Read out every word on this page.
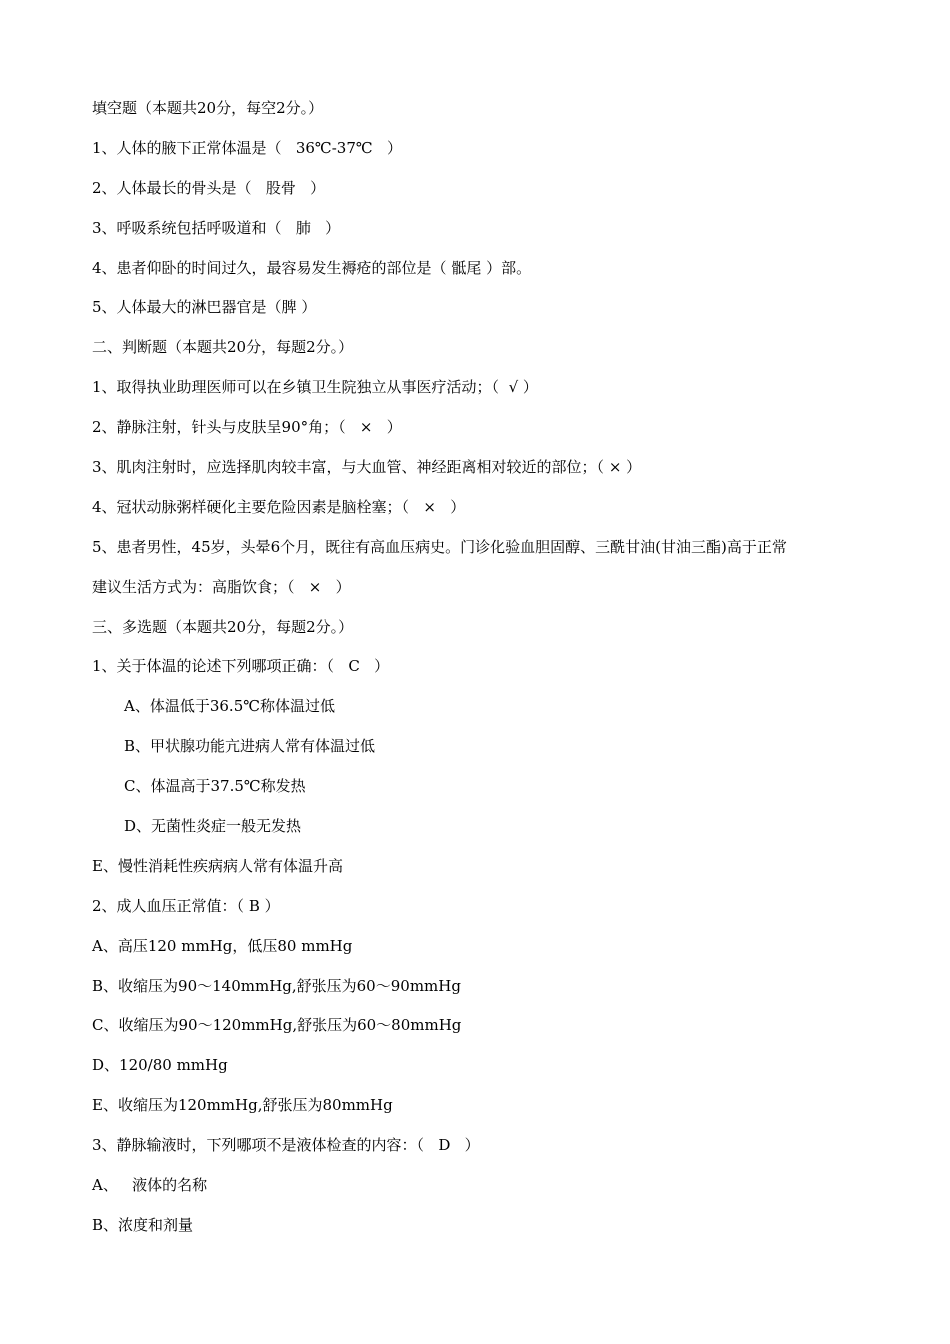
填空题（本题共20分，每空2分。）
1、人体的腋下正常体温是（   36℃-37℃   ）
2、人体最长的骨头是（   股骨   ）
3、呼吸系统包括呼吸道和（   肺   ）
4、患者仰卧的时间过久，最容易发生褥疮的部位是（ 骶尾 ）部。
5、人体最大的淋巴器官是（脾 ）
二、判断题（本题共20分，每题2分。）
1、取得执业助理医师可以在乡镇卫生院独立从事医疗活动；（  √ ）
2、静脉注射，针头与皮肤呈90°角；（   ×   ）
3、肌肉注射时，应选择肌肉较丰富，与大血管、神经距离相对较近的部位；（ × ）
4、冠状动脉粥样硬化主要危险因素是脑栓塞；（   ×   ）
5、患者男性，45岁，头晕6个月，既往有高血压病史。门诊化验血胆固醇、三酰甘油(甘油三酯)高于正常
建议生活方式为：高脂饮食；（   ×   ）
三、多选题（本题共20分，每题2分。）
1、关于体温的论述下列哪项正确：（   C   ）
A、体温低于36.5℃称体温过低
B、甲状腺功能亢进病人常有体温过低
C、体温高于37.5℃称发热
D、无菌性炎症一般无发热
E、慢性消耗性疾病病人常有体温升高
2、成人血压正常值：（ B ）
A、高压120 mmHg，低压80 mmHg
B、收缩压为90～140mmHg,舒张压为60～90mmHg
C、收缩压为90～120mmHg,舒张压为60～80mmHg
D、120/80 mmHg
E、收缩压为120mmHg,舒张压为80mmHg
3、静脉输液时，下列哪项不是液体检查的内容：（   D   ）
A、   液体的名称
B、浓度和剂量
